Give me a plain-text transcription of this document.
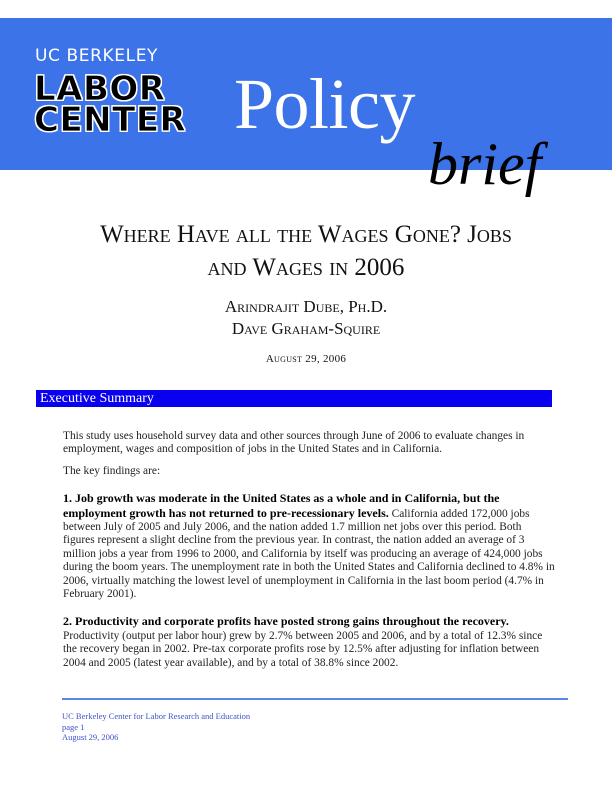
UC BERKELEY
LABOR
CENTER Policy
brief
Where Have all the Wages Gone? Jobs
and Wages in 2006
Arindrajit Dube, Ph.D.
Dave Graham-Squire
August 29, 2006
Executive Summary

This study uses household survey data and other sources through June of 2006 to evaluate changes in employment, wages and composition of jobs in the United States and in California.

The key findings are:

1. Job growth was moderate in the United States as a whole and in California, but the employment growth has not returned to pre-recessionary levels. California added 172,000 jobs between July of 2005 and July 2006, and the nation added 1.7 million net jobs over this period. Both figures represent a slight decline from the previous year. In contrast, the nation added an average of 3 million jobs a year from 1996 to 2000, and California by itself was producing an average of 424,000 jobs during the boom years. The unemployment rate in both the United States and California declined to 4.8% in 2006, virtually matching the lowest level of unemployment in California in the last boom period (4.7% in February 2001).

2. Productivity and corporate profits have posted strong gains throughout the recovery. Productivity (output per labor hour) grew by 2.7% between 2005 and 2006, and by a total of 12.3% since the recovery began in 2002. Pre-tax corporate profits rose by 12.5% after adjusting for inflation between 2004 and 2005 (latest year available), and by a total of 38.8% since 2002.

UC Berkeley Center for Labor Research and Education
page 1
August 29, 2006
